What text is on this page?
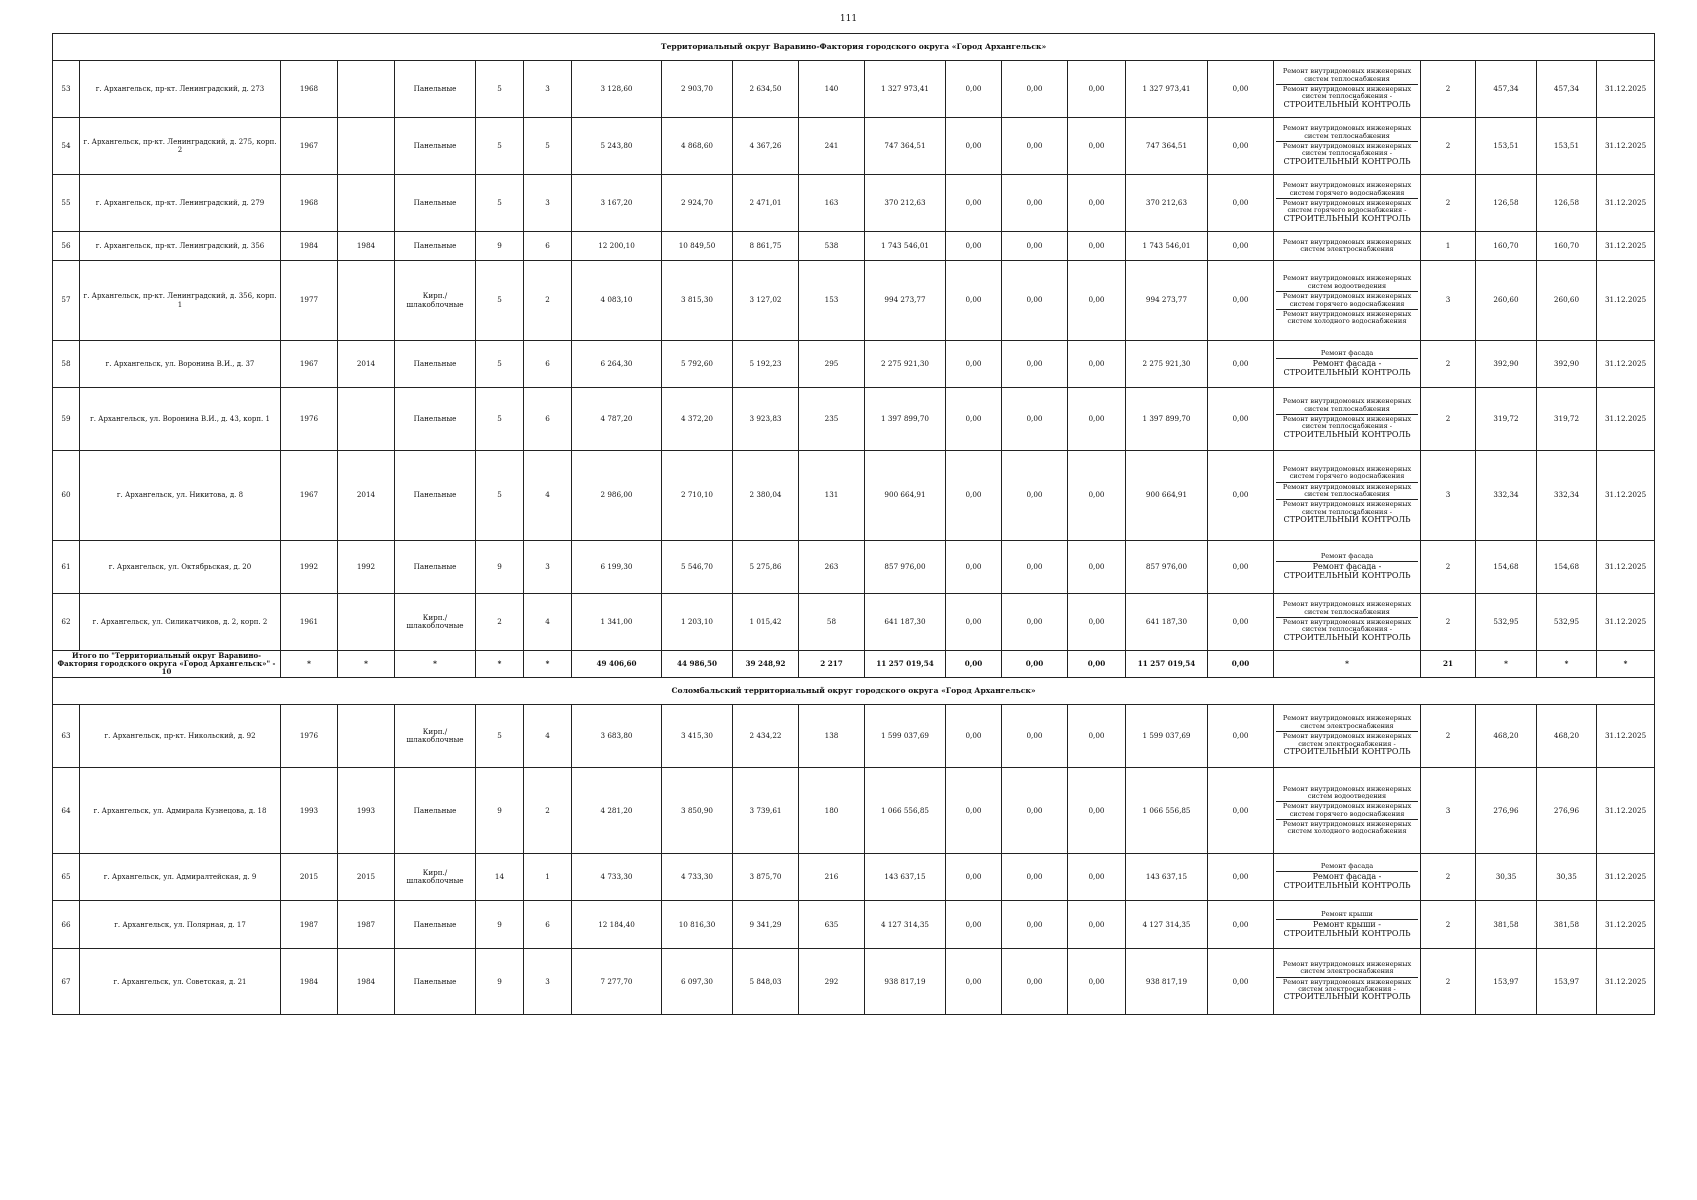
111
Территориальный округ Варавино-Фактория городского округа «Город Архангельск»																					
53	г. Архангельск, пр-кт. Ленинградский, д. 273	1968		Панельные	5	3	3 128,60	2 903,70	2 634,50	140	1 327 973,41	0,00	0,00	0,00	1 327 973,41	0,00	Ремонт внутридомовых инженерных систем теплоснабжения
Ремонт внутридомовых инженерных систем теплоснабжения -
СТРОИТЕЛЬНЫЙ КОНТРОЛЬ	2	457,34	457,34	31.12.2025
54	г. Архангельск, пр-кт. Ленинградский, д. 275, корп. 2	1967		Панельные	5	5	5 243,80	4 868,60	4 367,26	241	747 364,51	0,00	0,00	0,00	747 364,51	0,00	Ремонт внутридомовых инженерных систем теплоснабжения
Ремонт внутридомовых инженерных систем теплоснабжения -
СТРОИТЕЛЬНЫЙ КОНТРОЛЬ	2	153,51	153,51	31.12.2025
55	г. Архангельск, пр-кт. Ленинградский, д. 279	1968		Панельные	5	3	3 167,20	2 924,70	2 471,01	163	370 212,63	0,00	0,00	0,00	370 212,63	0,00	Ремонт внутридомовых инженерных систем горячего водоснабжения
Ремонт внутридомовых инженерных систем горячего водоснабжения -
СТРОИТЕЛЬНЫЙ КОНТРОЛЬ	2	126,58	126,58	31.12.2025
56	г. Архангельск, пр-кт. Ленинградский, д. 356	1984	1984	Панельные	9	6	12 200,10	10 849,50	8 861,75	538	1 743 546,01	0,00	0,00	0,00	1 743 546,01	0,00	Ремонт внутридомовых инженерных систем электроснабжения	1	160,70	160,70	31.12.2025
57	г. Архангельск, пр-кт. Ленинградский, д. 356, корп. 1	1977		Кирп./ шлакоблочные	5	2	4 083,10	3 815,30	3 127,02	153	994 273,77	0,00	0,00	0,00	994 273,77	0,00	Ремонт внутридомовых инженерных систем водоотведения
Ремонт внутридомовых инженерных систем горячего водоснабжения
Ремонт внутридомовых инженерных систем холодного водоснабжения	3	260,60	260,60	31.12.2025
58	г. Архангельск, ул. Воронина В.И., д. 37	1967	2014	Панельные	5	6	6 264,30	5 792,60	5 192,23	295	2 275 921,30	0,00	0,00	0,00	2 275 921,30	0,00	Ремонт фасада
Ремонт фасада - СТРОИТЕЛЬНЫЙ КОНТРОЛЬ	2	392,90	392,90	31.12.2025
59	г. Архангельск, ул. Воронина В.И., д. 43, корп. 1	1976		Панельные	5	6	4 787,20	4 372,20	3 923,83	235	1 397 899,70	0,00	0,00	0,00	1 397 899,70	0,00	Ремонт внутридомовых инженерных систем теплоснабжения
Ремонт внутридомовых инженерных систем теплоснабжения -
СТРОИТЕЛЬНЫЙ КОНТРОЛЬ	2	319,72	319,72	31.12.2025
60	г. Архангельск, ул. Никитова, д. 8	1967	2014	Панельные	5	4	2 986,00	2 710,10	2 380,04	131	900 664,91	0,00	0,00	0,00	900 664,91	0,00	Ремонт внутридомовых инженерных систем горячего водоснабжения
Ремонт внутридомовых инженерных систем теплоснабжения
Ремонт внутридомовых инженерных систем теплоснабжения -
СТРОИТЕЛЬНЫЙ КОНТРОЛЬ	3	332,34	332,34	31.12.2025
61	г. Архангельск, ул. Октябрьская, д. 20	1992	1992	Панельные	9	3	6 199,30	5 546,70	5 275,86	263	857 976,00	0,00	0,00	0,00	857 976,00	0,00	Ремонт фасада
Ремонт фасада - СТРОИТЕЛЬНЫЙ КОНТРОЛЬ	2	154,68	154,68	31.12.2025
62	г. Архангельск, ул. Силикатчиков, д. 2, корп. 2	1961		Кирп./ шлакоблочные	2	4	1 341,00	1 203,10	1 015,42	58	641 187,30	0,00	0,00	0,00	641 187,30	0,00	Ремонт внутридомовых инженерных систем теплоснабжения
Ремонт внутридомовых инженерных систем теплоснабжения -
СТРОИТЕЛЬНЫЙ КОНТРОЛЬ	2	532,95	532,95	31.12.2025
Итого по "Территориальный округ Варавино-Фактория городского округа «Город Архангельск»" - 10		*	*	*	*	*	49 406,60	44 986,50	39 248,92	2 217	11 257 019,54	0,00	0,00	0,00	11 257 019,54	0,00	*	21	*	*	*
Соломбальский территориальный округ городского округа «Город Архангельск»																					
63	г. Архангельск, пр-кт. Никольский, д. 92	1976		Кирп./ шлакоблочные	5	4	3 683,80	3 415,30	2 434,22	138	1 599 037,69	0,00	0,00	0,00	1 599 037,69	0,00	Ремонт внутридомовых инженерных систем электроснабжения
Ремонт внутридомовых инженерных систем электроснабжения -
СТРОИТЕЛЬНЫЙ КОНТРОЛЬ	2	468,20	468,20	31.12.2025
64	г. Архангельск, ул. Адмирала Кузнецова, д. 18	1993	1993	Панельные	9	2	4 281,20	3 850,90	3 739,61	180	1 066 556,85	0,00	0,00	0,00	1 066 556,85	0,00	Ремонт внутридомовых инженерных систем водоотведения
Ремонт внутридомовых инженерных систем горячего водоснабжения
Ремонт внутридомовых инженерных систем холодного водоснабжения	3	276,96	276,96	31.12.2025
65	г. Архангельск, ул. Адмиралтейская, д. 9	2015	2015	Кирп./ шлакоблочные	14	1	4 733,30	4 733,30	3 875,70	216	143 637,15	0,00	0,00	0,00	143 637,15	0,00	Ремонт фасада
Ремонт фасада - СТРОИТЕЛЬНЫЙ КОНТРОЛЬ	2	30,35	30,35	31.12.2025
66	г. Архангельск, ул. Полярная, д. 17	1987	1987	Панельные	9	6	12 184,40	10 816,30	9 341,29	635	4 127 314,35	0,00	0,00	0,00	4 127 314,35	0,00	Ремонт крыши
Ремонт крыши - СТРОИТЕЛЬНЫЙ КОНТРОЛЬ	2	381,58	381,58	31.12.2025
67	г. Архангельск, ул. Советская, д. 21	1984	1984	Панельные	9	3	7 277,70	6 097,30	5 848,03	292	938 817,19	0,00	0,00	0,00	938 817,19	0,00	Ремонт внутридомовых инженерных систем электроснабжения
Ремонт внутридомовых инженерных систем электроснабжения -
СТРОИТЕЛЬНЫЙ КОНТРОЛЬ	2	153,97	153,97	31.12.2025
